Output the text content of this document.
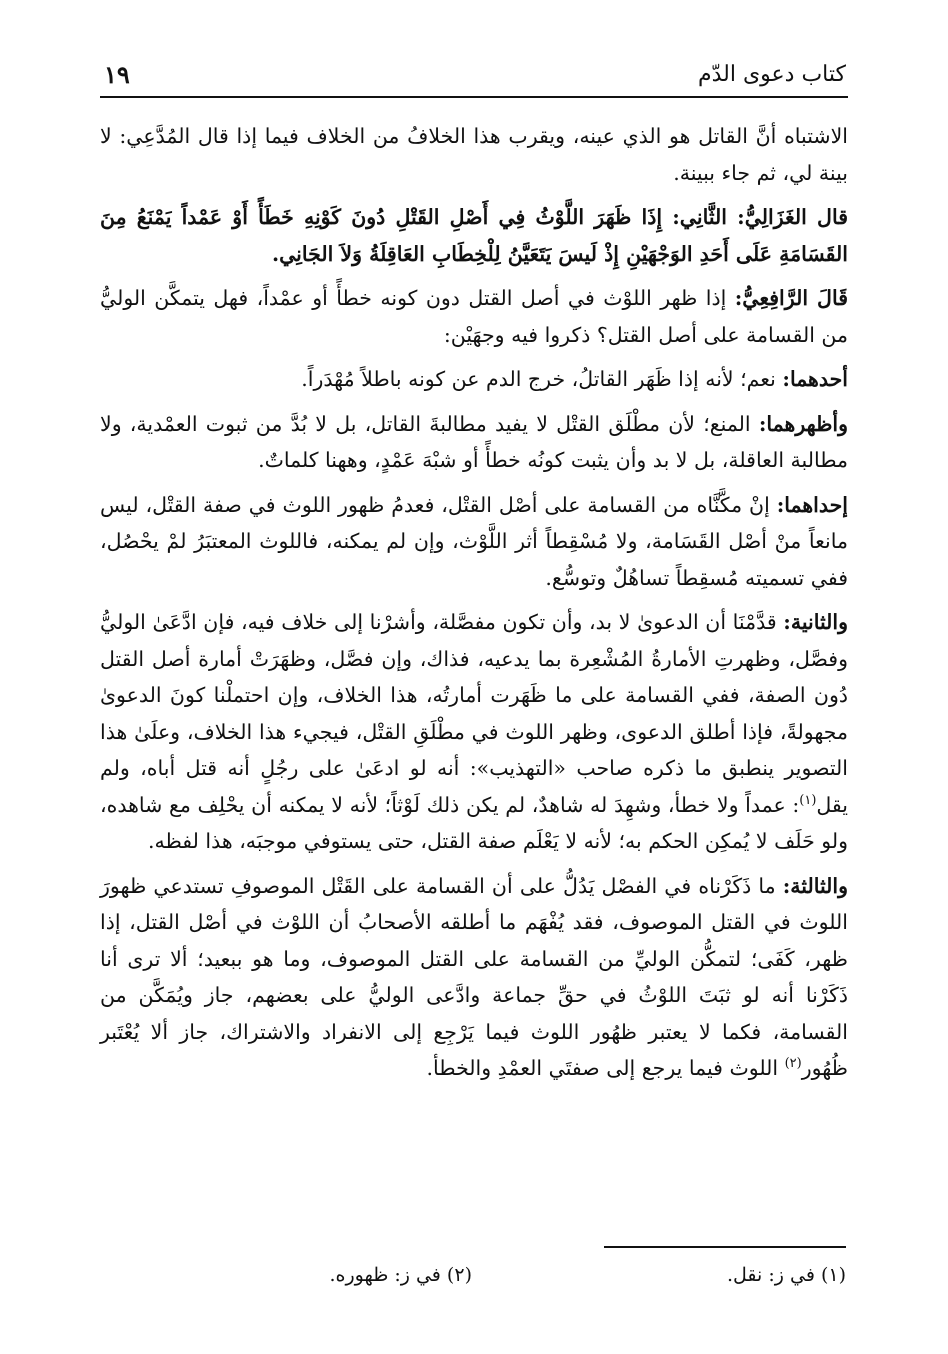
كتاب دعوى الدّم
١٩

الاشتباه أنَّ القاتل هو الذي عينه، ويقرب هذا الخلافُ من الخلاف فيما إذا قال المُدَّعِي: لا بينة لي، ثم جاء ببينة.

قال الغَزَالِيُّ: الثَّانِي: إِذَا ظَهَرَ اللَّوْثُ فِي أَصْلِ القَتْلِ دُونَ كَوْنِهِ خَطَأً أَوْ عَمْداً يَمْنَعُ مِنَ القَسَامَةِ عَلَى أَحَدِ الوَجْهَيْنِ إِذْ لَيسَ يَتَعَيَّنُ لِلْخِطَابِ العَاقِلَةُ وَلاَ الجَانِي.

قَالَ الرَّافِعِيُّ: إذا ظهر اللوْث في أصل القتل دون كونه خطأً أو عمْداً، فهل يتمكَّن الوليُّ من القسامة على أصل القتل؟ ذكروا فيه وجهَيْن:

أحدهما: نعم؛ لأنه إذا ظَهَر القاتلُ، خرج الدم عن كونه باطلاً مُهْدَراً.

وأظهرهما: المنع؛ لأن مطْلَق القتْل لا يفيد مطالبةَ القاتل، بل لا بُدَّ من ثبوت العمْدية، ولا مطالبة العاقلة، بل لا بد وأن يثبت كونُه خطأً أو شبْهَ عَمْدٍ، وههنا كلماتٌ.

إحداهما: إنْ مكَّنَّاه من القسامة على أصْل القتْل، فعدمُ ظهور اللوث في صفة القتْل، ليس مانعاً منْ أصْل القَسَامة، ولا مُسْقِطاً أثر اللَّوْث، وإن لم يمكنه، فاللوث المعتبَرُ لمْ يحْصُل، ففي تسميته مُسقِطاً تساهُلٌ وتوسُّع.

والثانية: قدَّمْنَا أن الدعوىٰ لا بد، وأن تكون مفصَّلة، وأشرْنا إلى خلاف فيه، فإن ادَّعَىٰ الوليُّ وفصَّل، وظهرتِ الأمارةُ المُشْعِرة بما يدعيه، فذاك، وإن فصَّل، وظهَرَتْ أمارة أصل القتل دُون الصفة، ففي القسامة على ما ظَهَرت أمارتُه، هذا الخلاف، وإن احتملْنا كونَ الدعوىٰ مجهولةً، فإذا أطلق الدعوى، وظهر اللوث في مطْلَقِ القتْل، فيجيء هذا الخلاف، وعلَىٰ هذا التصوير ينطبق ما ذكره صاحب «التهذيب»: أنه لو ادعَىٰ على رجُلٍ أنه قتل أباه، ولم يقل$^{(١)}$: عمداً ولا خطأ، وشهِدَ له شاهدٌ، لم يكن ذلك لَوْثاً؛ لأنه لا يمكنه أن يحْلِف مع شاهده، ولو حَلَف لا يُمكِن الحكم به؛ لأنه لا يَعْلَم صفة القتل، حتى يستوفي موجبَه، هذا لفظه.

والثالثة: ما ذَكَرْناه في الفصْل يَدُلُّ على أن القسامة على القَتْل الموصوفِ تستدعي ظهورَ اللوث في القتل الموصوف، فقد يُفْهَم ما أطلقه الأصحابُ أن اللوْث في أصْل القتل، إذا ظهر، كَفَى؛ لتمكُّن الوليِّ من القسامة على القتل الموصوف، وما هو ببعيد؛ ألا ترى أنا ذَكَرْنا أنه لو ثبَتَ اللوْثُ في حقِّ جماعة وادَّعى الوليُّ على بعضهم، جاز ويُمَكَّن من القسامة، فكما لا يعتبر ظهُور اللوث فيما يَرْجِع إلى الانفراد والاشتراك، جاز ألا يُعْتَبر ظُهُور$^{(٢)}$ اللوث فيما يرجع إلى صفتَي العمْدِ والخطأ.

(١) في ز: نقل.
(٢) في ز: ظهوره.
